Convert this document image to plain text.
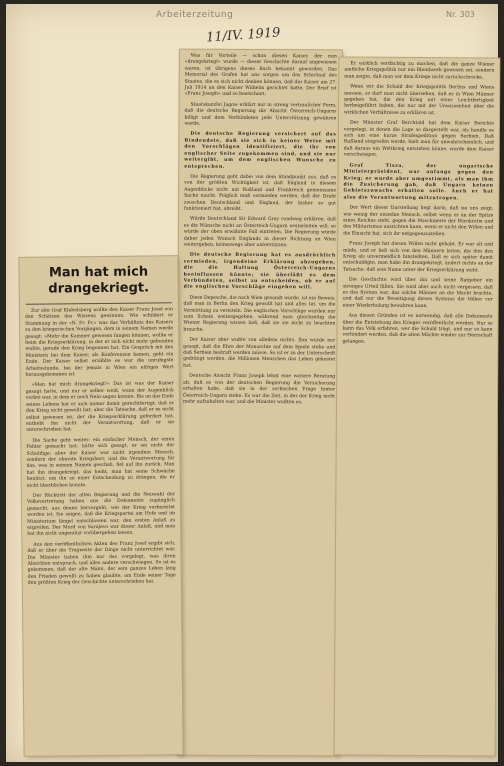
Arbeiterzeitung	Nr. 303
11/IV. 1919

Was für Vorteile — schon diesen Kaiser, der nun »drangekriegt« wurde — dieser Geschichte darauf angewiesen waren, ist übrigens dieses Buch bekannt geworden. Das Memorial des Grafen hat uns sorgen um das Schicksal des Staates, die es sich nicht denken können, daß der Kaiser am 27. Juli 1914 an den Kaiser Wilhelm gerichtet hatte. Der Brief ist »Franz Joseph« und so bezeichnet.

Staatskanzlei Jagow erklärt mir in streng vertraulicher Form, daß die deutsche Regierung die Absicht Österreich-Ungarns billigt und dem Verbündeten jede Unterstützung gewähren werde.

Die deutsche Regierung versichert auf das Bindendste, daß sie sich in keiner Weise mit den Vorschlägen identifiziert, die ihr von englischer Seite zugekommen sind, und sie nur weitergibt, um dem englischen Wunsche zu entsprechen.

Die Regierung geht dabei von dem Standpunkt aus, daß es von der größten Wichtigkeit ist, daß England in diesem Augenblicke nicht mit Rußland und Frankreich gemeinsame Sache macht. Folglich muß vermieden werden, daß der Draht zwischen Deutschland und England, der bisher so gut funktioniert hat, abreißt.

Würde Deutschland Sir Edward Grey rundweg erklären, daß es die Wünsche nicht an Österreich-Ungarn weiterleiten will, so würde der oben erwähnte Fall eintreten. Die Regierung würde daher jeden Wunsch Englands in dieser Richtung an Wien weitergeben, keineswegs aber unterstützen.

Die deutsche Regierung hat es ausdrücklich vermieden, irgendeine Erklärung abzugeben, die die Haltung Österreich-Ungarns beeinflussen könnte; sie überläßt es dem Verbündeten, selbst zu entscheiden, ob er auf die englischen Vorschläge eingehen will.

Diese Depesche, die nach Wien gesandt wurde, ist ein Beweis, daß man in Berlin den Krieg gewollt hat und alles tat, um die Vermittlung zu vereiteln. Die englischen Vorschläge wurden nur zum Schein weitergegeben, während man gleichzeitig die Wiener Regierung wissen ließ, daß sie sie nicht zu beachten brauche.

Der Kaiser aber wußte von alledem nichts. Ihm wurde nur gesagt, daß die Ehre der Monarchie auf dem Spiele stehe und daß Serbien bestraft werden müsse. So ist er zu der Unterschrift gedrängt worden, die Millionen Menschen das Leben gekostet hat.

Deutsche Ansicht Franz Joseph lehnt eine weitere Beratung ab, daß es von der deutschen Regierung die Versicherung erhalten habe, daß sie in der serbischen Frage hinter Österreich-Ungarn stehe. Es war die Zeit, in der der Krieg nicht mehr aufzuhalten war, und die Minister wußten es.

Er wirklich verdächtig zu machen, daß die ganze Wiener amtliche Kriegspolitik nur ein Blendwerk gewesen sei, sondern man zeigte, daß man vor dem Kriege nicht zurückschrecke.

Wenn wir die Schuld der Kriegspolitik Berlins und Wiens messen, so darf man nicht übersehen, daß es in Wien Männer gegeben hat, die den Krieg mit einer Leichtfertigkeit herbeigeführt haben, die nur mit der Unwissenheit über die wirklichen Verhältnisse zu erklären ist.

Der Minister Graf Berchtold hat dem Kaiser Berichte vorgelegt, in denen die Lage so dargestellt war, als handle es sich um eine kurze Strafexpedition gegen Serbien. Daß Rußland eingreifen werde, hielt man für unwahrscheinlich, und daß daraus ein Weltkrieg entstehen könne, wurde dem Kaiser verschwiegen.

Graf Tisza, der ungarische Ministerpräsident, war anfangs gegen den Krieg; er wurde aber umgestimmt, als man ihm die Zusicherung gab, daß Ungarn keinen Gebietszuwachs erhalten solle. Auch er hat also die Verantwortung mitzutragen.

Der Wert dieser Darstellung liegt darin, daß sie uns zeigt, wie wenig der einzelne Mensch, selbst wenn er an der Spitze eines Reiches steht, gegen die Maschinerie der Bürokratie und des Militarismus ausrichten kann, wenn er nicht den Willen und die Einsicht hat, sich ihr entgegenzustellen.

Franz Joseph hat diesen Willen nicht gehabt. Er war alt und müde, und er ließ sich von den Männern leiten, die ihm den Krieg als unvermeidlich hinstellten. Daß er sich später damit entschuldigte, man habe ihn drangekriegt, ändert nichts an der Tatsache, daß sein Name unter der Kriegserklärung steht.

Die Geschichte wird über ihn und seine Ratgeber ein strenges Urteil fällen. Sie wird aber auch nicht vergessen, daß es das System war, das solche Männer an die Macht brachte, und daß nur die Beseitigung dieses Systems die Völker vor einer Wiederholung bewahren kann.

Aus diesen Gründen ist es notwendig, daß alle Dokumente über die Entstehung des Krieges veröffentlicht werden. Nur so kann das Volk erfahren, wer die Schuld trägt, und nur so kann verhindert werden, daß die alten Mächte wieder zur Herrschaft gelangen.

Man hat mich drangekriegt.

Zur alte Graf Klebelsberg wollte den Kaiser Franz Josef von den Schätzen des Wissens gewinnen. Wie schildert er Stammung in der »N. Fr. Pr.« was das Verhältnis des Kaisers zu den kriegerischen Vorgängen, dem in seinem Namen werde gesagt: »Mehr die Kammer gewesen fangen können, wollte er beim die Kriegserklärung, in der er sich nicht mehr gebunden wußte, gerade den Krieg begonnen hat. Ein Gespräch mit den Ministern bei dem Kaiser, als Konferenzen kamen, geht ein Ende. Der Kaiser selbst erzählte es war die unruhigste Arbeitsstunde, bei der jemals in Wien ein eifriges Wort herausgekommen ist.

»Man hat mich drangekriegt!« Das ist was der Kaiser gesagt hatte, und nur er selber weiß, wann der Augenblick vorbei war, in dem er noch Nein sagen konnte. Bis an das Ende seines Lebens hat er sich immer damit gerechtfertigt, daß er den Krieg nicht gewollt hat; aber die Tatsache, daß er es nicht selbst gewesen ist, der die Kriegserklärung gefordert hat, enthebt ihn nicht der Verantwortung, daß er sie unterschrieben hat.

Die Sache geht weiter: ein einfacher Mensch, der einen Fehler gemacht hat, hätte sich gesagt, er sei nicht der Schuldige; aber der Kaiser war nicht irgendein Mensch, sondern der oberste Kriegsherr, und die Verantwortung für das, was in seinem Namen geschah, fiel auf ihn zurück. Man hat ihn drangekriegt, das heißt, man hat seine Schwäche benützt, um ihn zu einer Entscheidung zu drängen, die er nicht überblicken konnte.

Der Rücktritt der alten Regierung und die Neuwahl der Volksvertretung haben uns die Dokumente zugänglich gemacht, aus denen hervorgeht, wie der Krieg vorbereitet worden ist. Sie zeigen, daß die Kriegspartei am Hofe und im Ministerium längst entschlossen war, den ersten Anlaß zu ergreifen. Der Mord von Sarajevo war dieser Anlaß, und man hat ihn nicht ungenützt vorübergehen lassen.

Aus den veröffentlichten Akten des Franz Josef ergibt sich, daß er über die Tragweite der Dinge nicht unterrichtet war. Die Minister haben ihm nur das vorgelegt, was ihren Absichten entsprach, und alles andere verschwiegen. So ist es gekommen, daß der alte Mann, der sein ganzes Leben lang den Frieden gewollt zu haben glaubte, am Ende seiner Tage den größten Krieg der Geschichte unterschrieben hat.
